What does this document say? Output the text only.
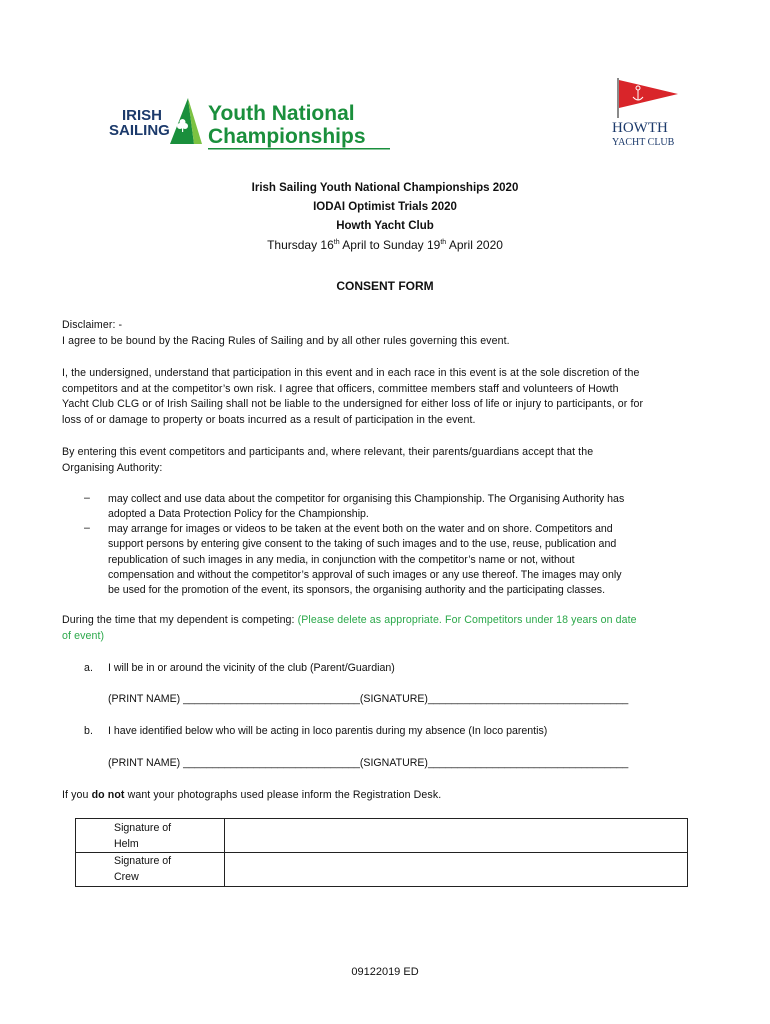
IRISH
SAILING
Youth National
Championships	HOWTH
YACHT CLUB
Irish Sailing Youth National Championships 2020
IODAI Optimist Trials 2020
Howth Yacht Club
Thursday 16th April to Sunday 19th April 2020
CONSENT FORM
Disclaimer: -
I agree to be bound by the Racing Rules of Sailing and by all other rules governing this event.
I, the undersigned, understand that participation in this event and in each race in this event is at the sole discretion of the
competitors and at the competitor’s own risk. I agree that officers, committee members staff and volunteers of Howth
Yacht Club CLG or of Irish Sailing shall not be liable to the undersigned for either loss of life or injury to participants, or for
loss of or damage to property or boats incurred as a result of participation in the event.
By entering this event competitors and participants and, where relevant, their parents/guardians accept that the
Organising Authority:
– may collect and use data about the competitor for organising this Championship. The Organising Authority has
adopted a Data Protection Policy for the Championship.
– may arrange for images or videos to be taken at the event both on the water and on shore. Competitors and
support persons by entering give consent to the taking of such images and to the use, reuse, publication and
republication of such images in any media, in conjunction with the competitor’s name or not, without
compensation and without the competitor’s approval of such images or any use thereof. The images may only
be used for the promotion of the event, its sponsors, the organising authority and the participating classes.
During the time that my dependent is competing: (Please delete as appropriate. For Competitors under 18 years on date
of event)
a.	I will be in or around the vicinity of the club (Parent/Guardian)
(PRINT NAME) ______________________________(SIGNATURE)__________________________________
b.	I have identified below who will be acting in loco parentis during my absence (In loco parentis)
(PRINT NAME) ______________________________(SIGNATURE)__________________________________
If you do not want your photographs used please inform the Registration Desk.
Signature of
Helm
Signature of
Crew
09122019 ED
